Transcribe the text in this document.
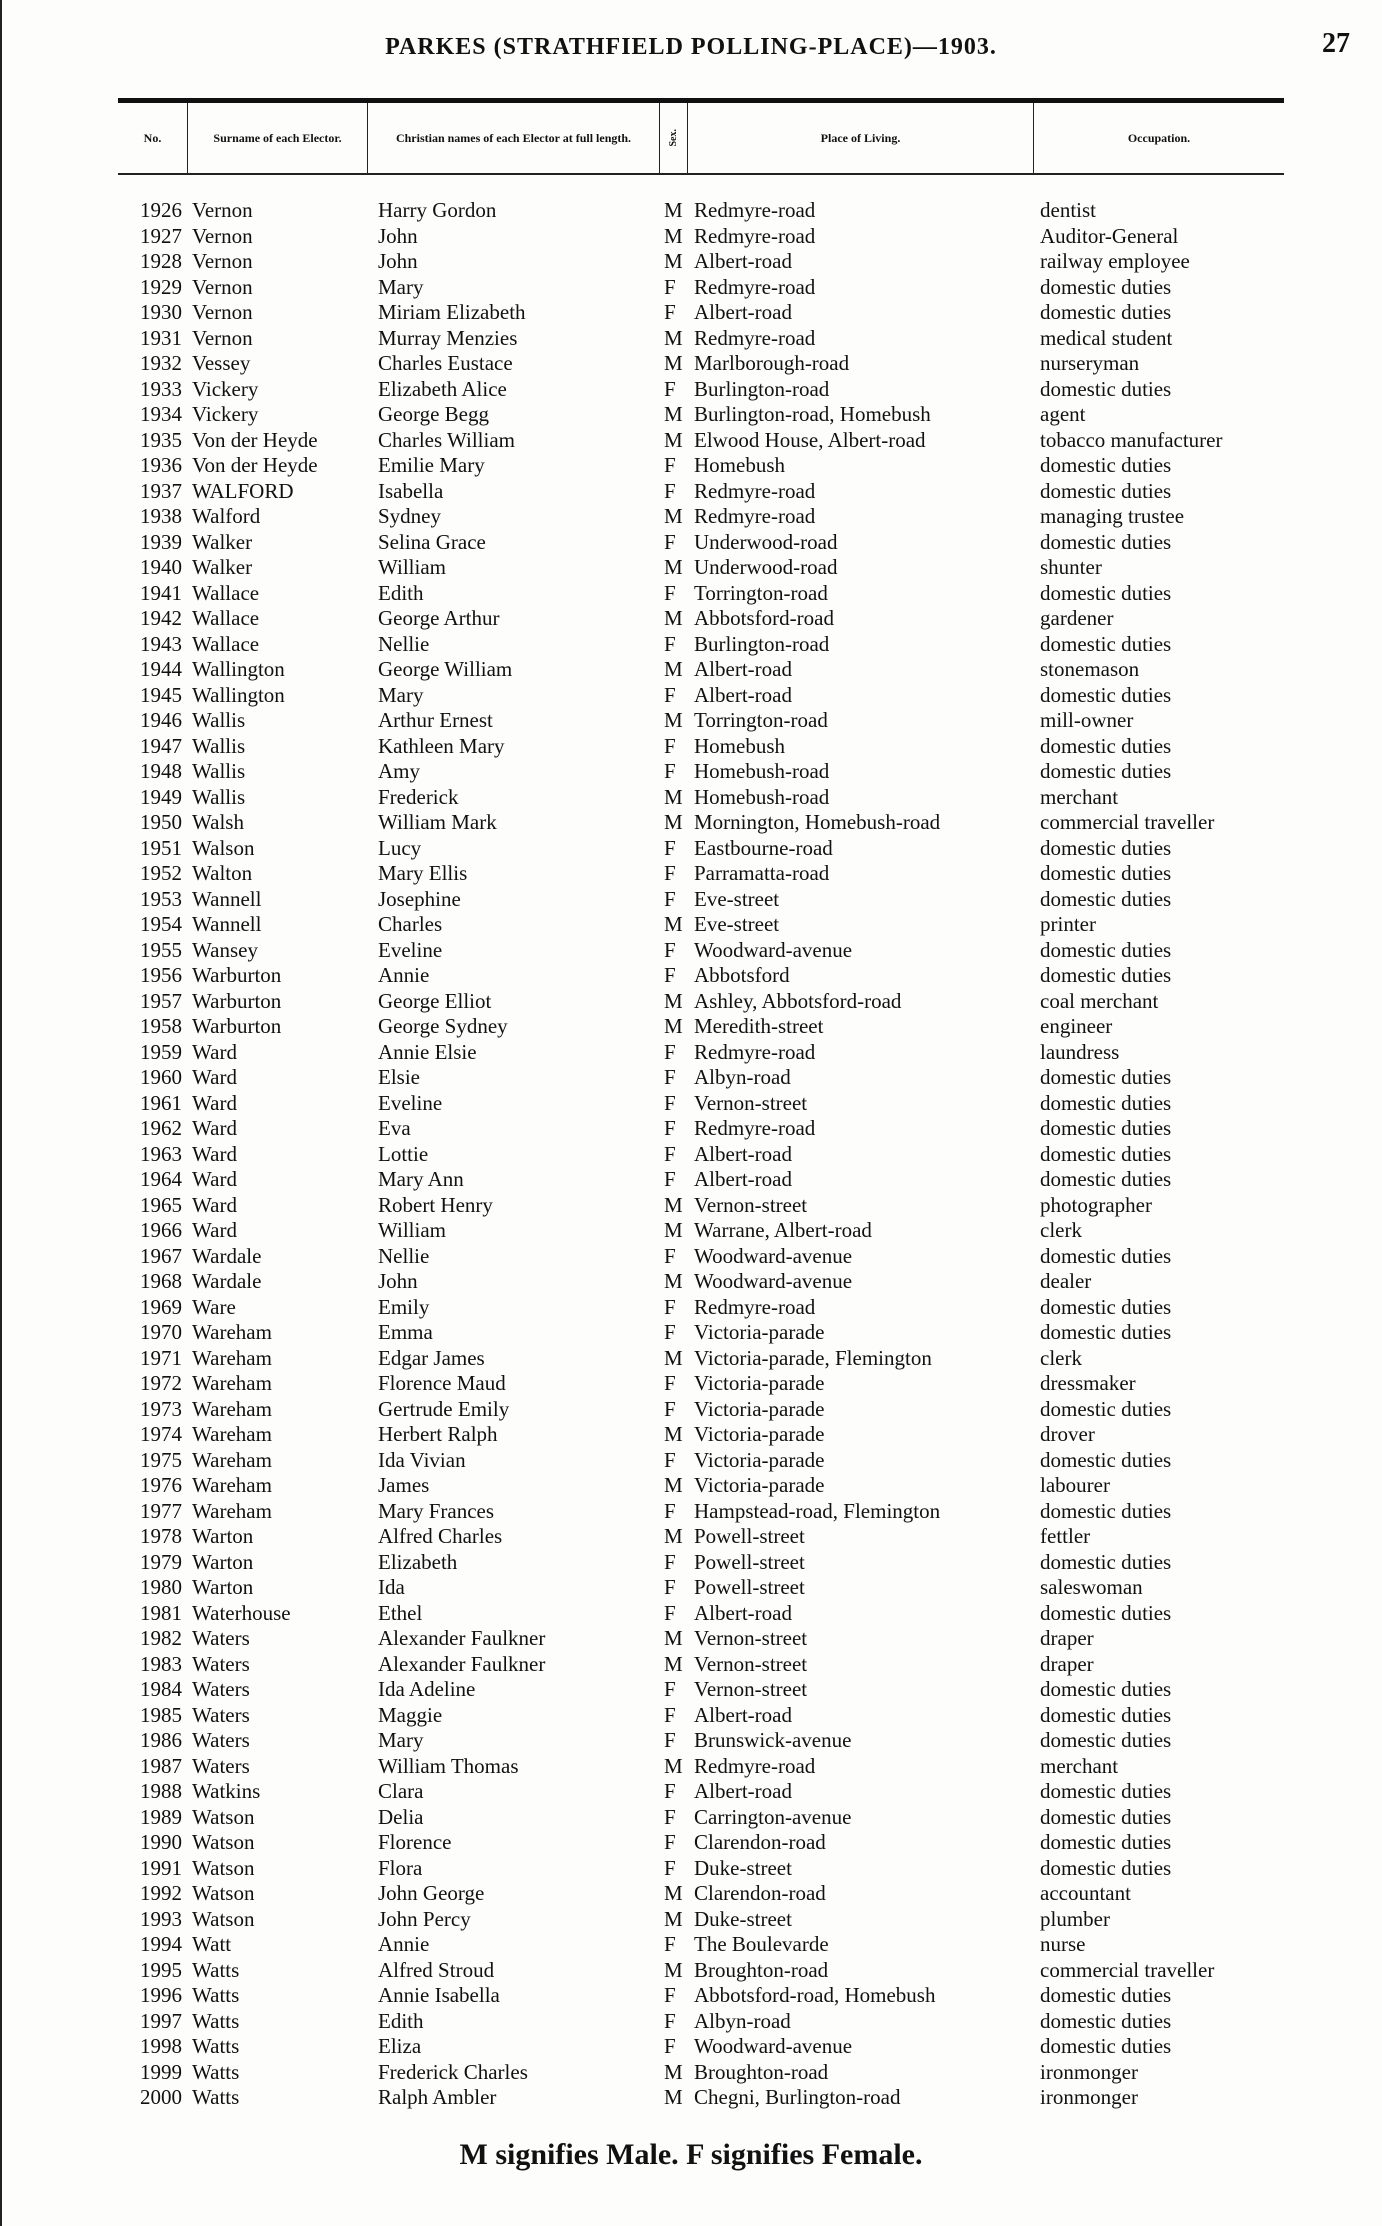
PARKES (STRATHFIELD POLLING-PLACE)—1903.	27
No.	Surname of each Elector.	Christian names of each Elector at full length.	Sex.	Place of Living.	Occupation.
1926 Vernon	Harry Gordon	M Redmyre-road	dentist
1927 Vernon	John	M Redmyre-road	Auditor-General
1928 Vernon	John	M Albert-road	railway employee
1929 Vernon	Mary	F Redmyre-road	domestic duties
1930 Vernon	Miriam Elizabeth	F Albert-road	domestic duties
1931 Vernon	Murray Menzies	M Redmyre-road	medical student
1932 Vessey	Charles Eustace	M Marlborough-road	nurseryman
1933 Vickery	Elizabeth Alice	F Burlington-road	domestic duties
1934 Vickery	George Begg	M Burlington-road, Homebush	agent
1935 Von der Heyde	Charles William	M Elwood House, Albert-road	tobacco manufacturer
1936 Von der Heyde	Emilie Mary	F Homebush	domestic duties
1937 WALFORD	Isabella	F Redmyre-road	domestic duties
1938 Walford	Sydney	M Redmyre-road	managing trustee
1939 Walker	Selina Grace	F Underwood-road	domestic duties
1940 Walker	William	M Underwood-road	shunter
1941 Wallace	Edith	F Torrington-road	domestic duties
1942 Wallace	George Arthur	M Abbotsford-road	gardener
1943 Wallace	Nellie	F Burlington-road	domestic duties
1944 Wallington	George William	M Albert-road	stonemason
1945 Wallington	Mary	F Albert-road	domestic duties
1946 Wallis	Arthur Ernest	M Torrington-road	mill-owner
1947 Wallis	Kathleen Mary	F Homebush	domestic duties
1948 Wallis	Amy	F Homebush-road	domestic duties
1949 Wallis	Frederick	M Homebush-road	merchant
1950 Walsh	William Mark	M Mornington, Homebush-road	commercial traveller
1951 Walson	Lucy	F Eastbourne-road	domestic duties
1952 Walton	Mary Ellis	F Parramatta-road	domestic duties
1953 Wannell	Josephine	F Eve-street	domestic duties
1954 Wannell	Charles	M Eve-street	printer
1955 Wansey	Eveline	F Woodward-avenue	domestic duties
1956 Warburton	Annie	F Abbotsford	domestic duties
1957 Warburton	George Elliot	M Ashley, Abbotsford-road	coal merchant
1958 Warburton	George Sydney	M Meredith-street	engineer
1959 Ward	Annie Elsie	F Redmyre-road	laundress
1960 Ward	Elsie	F Albyn-road	domestic duties
1961 Ward	Eveline	F Vernon-street	domestic duties
1962 Ward	Eva	F Redmyre-road	domestic duties
1963 Ward	Lottie	F Albert-road	domestic duties
1964 Ward	Mary Ann	F Albert-road	domestic duties
1965 Ward	Robert Henry	M Vernon-street	photographer
1966 Ward	William	M Warrane, Albert-road	clerk
1967 Wardale	Nellie	F Woodward-avenue	domestic duties
1968 Wardale	John	M Woodward-avenue	dealer
1969 Ware	Emily	F Redmyre-road	domestic duties
1970 Wareham	Emma	F Victoria-parade	domestic duties
1971 Wareham	Edgar James	M Victoria-parade, Flemington	clerk
1972 Wareham	Florence Maud	F Victoria-parade	dressmaker
1973 Wareham	Gertrude Emily	F Victoria-parade	domestic duties
1974 Wareham	Herbert Ralph	M Victoria-parade	drover
1975 Wareham	Ida Vivian	F Victoria-parade	domestic duties
1976 Wareham	James	M Victoria-parade	labourer
1977 Wareham	Mary Frances	F Hampstead-road, Flemington	domestic duties
1978 Warton	Alfred Charles	M Powell-street	fettler
1979 Warton	Elizabeth	F Powell-street	domestic duties
1980 Warton	Ida	F Powell-street	saleswoman
1981 Waterhouse	Ethel	F Albert-road	domestic duties
1982 Waters	Alexander Faulkner	M Vernon-street	draper
1983 Waters	Alexander Faulkner	M Vernon-street	draper
1984 Waters	Ida Adeline	F Vernon-street	domestic duties
1985 Waters	Maggie	F Albert-road	domestic duties
1986 Waters	Mary	F Brunswick-avenue	domestic duties
1987 Waters	William Thomas	M Redmyre-road	merchant
1988 Watkins	Clara	F Albert-road	domestic duties
1989 Watson	Delia	F Carrington-avenue	domestic duties
1990 Watson	Florence	F Clarendon-road	domestic duties
1991 Watson	Flora	F Duke-street	domestic duties
1992 Watson	John George	M Clarendon-road	accountant
1993 Watson	John Percy	M Duke-street	plumber
1994 Watt	Annie	F The Boulevarde	nurse
1995 Watts	Alfred Stroud	M Broughton-road	commercial traveller
1996 Watts	Annie Isabella	F Abbotsford-road, Homebush	domestic duties
1997 Watts	Edith	F Albyn-road	domestic duties
1998 Watts	Eliza	F Woodward-avenue	domestic duties
1999 Watts	Frederick Charles	M Broughton-road	ironmonger
2000 Watts	Ralph Ambler	M Chegni, Burlington-road	ironmonger
M signifies Male. F signifies Female.
